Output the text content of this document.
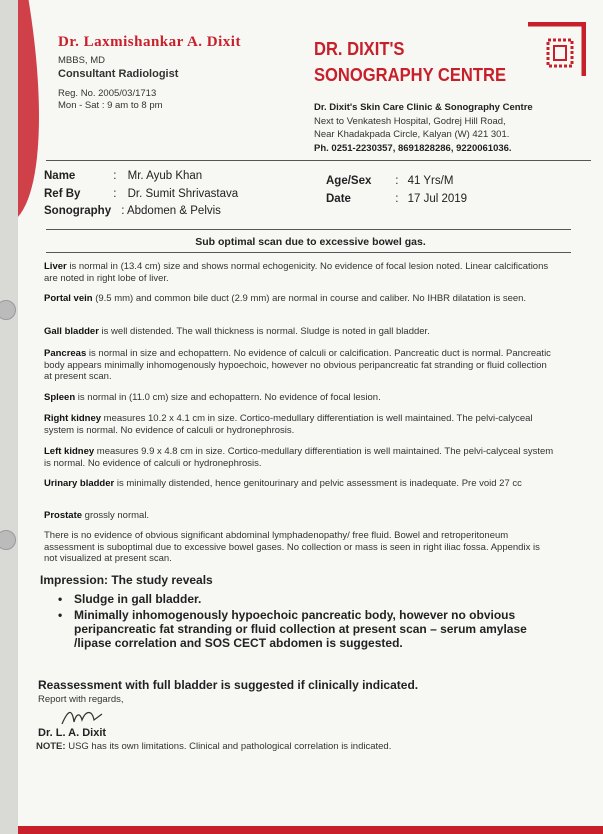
Dr. Laxmishankar A. Dixit
MBBS, MD
Consultant Radiologist
Reg. No. 2005/03/1713
Mon - Sat : 9 am to 8 pm
DR. DIXIT'S
SONOGRAPHY CENTRE
Dr. Dixit's Skin Care Clinic & Sonography Centre
Next to Venkatesh Hospital, Godrej Hill Road,
Near Khadakpada Circle, Kalyan (W) 421 301.
Ph. 0251-2230357, 8691828286, 9220061036.
Name	: Mr. Ayub Khan
Ref By	: Dr. Sumit Shrivastava
Sonography : Abdomen & Pelvis
Age/Sex : 41 Yrs/M
Date	: 17 Jul 2019
Sub optimal scan due to excessive bowel gas.
Liver is normal in (13.4 cm) size and shows normal echogenicity. No evidence of focal lesion noted. Linear calcifications are noted in right lobe of liver.
Portal vein (9.5 mm) and common bile duct (2.9 mm) are normal in course and caliber. No IHBR dilatation is seen.
Gall bladder is well distended. The wall thickness is normal. Sludge is noted in gall bladder.
Pancreas is normal in size and echopattern. No evidence of calculi or calcification. Pancreatic duct is normal. Pancreatic body appears minimally inhomogenously hypoechoic, however no obvious peripancreatic fat stranding or fluid collection at present scan.
Spleen is normal in (11.0 cm) size and echopattern. No evidence of focal lesion.
Right kidney measures 10.2 x 4.1 cm in size. Cortico-medullary differentiation is well maintained. The pelvi-calyceal system is normal. No evidence of calculi or hydronephrosis.
Left kidney measures 9.9 x 4.8 cm in size. Cortico-medullary differentiation is well maintained. The pelvi-calyceal system is normal. No evidence of calculi or hydronephrosis.
Urinary bladder is minimally distended, hence genitourinary and pelvic assessment is inadequate. Pre void 27 cc
Prostate grossly normal.
There is no evidence of obvious significant abdominal lymphadenopathy/ free fluid. Bowel and retroperitoneum assessment is suboptimal due to excessive bowel gases. No collection or mass is seen in right iliac fossa. Appendix is not visualized at present scan.
Impression: The study reveals
• Sludge in gall bladder.
• Minimally inhomogenously hypoechoic pancreatic body, however no obvious peripancreatic fat stranding or fluid collection at present scan – serum amylase /lipase correlation and SOS CECT abdomen is suggested.
Reassessment with full bladder is suggested if clinically indicated.
Report with regards,
Dr. L. A. Dixit
NOTE: USG has its own limitations. Clinical and pathological correlation is indicated.
